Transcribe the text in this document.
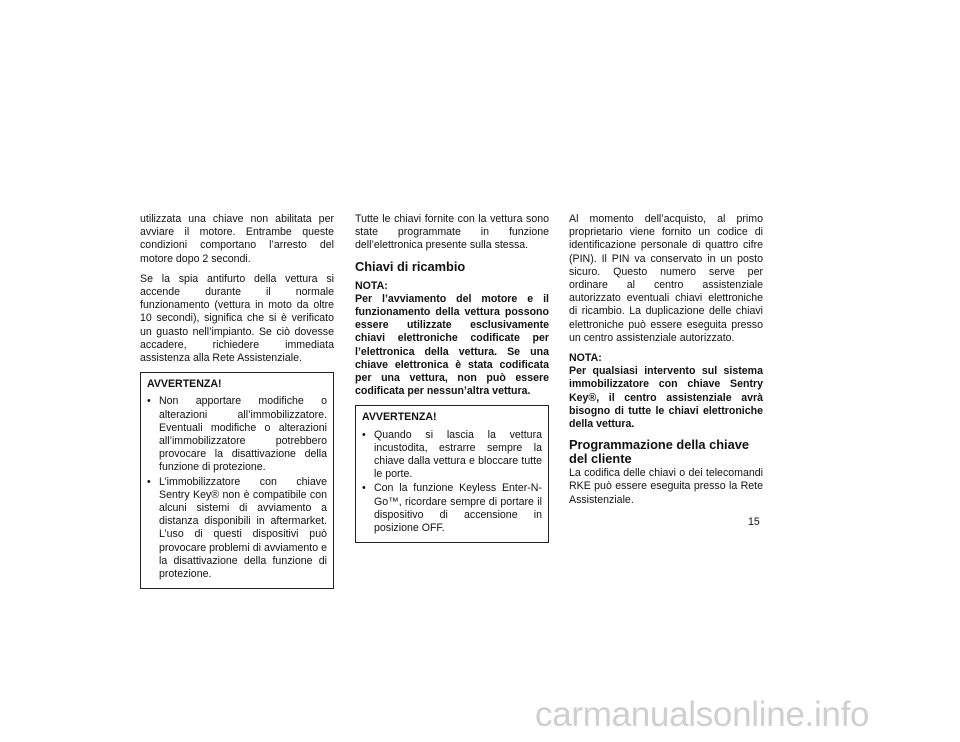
utilizzata una chiave non abilitata per avviare il motore. Entrambe queste condizioni comportano l’arresto del motore dopo 2 secondi.

Se la spia antifurto della vettura si accende durante il normale funzionamento (vettura in moto da oltre 10 secondi), significa che si è verificato un guasto nell’impianto. Se ciò dovesse accadere, richiedere immediata assistenza alla Rete Assistenziale.

AVVERTENZA!

• Non apportare modifiche o alterazioni all’immobilizzatore. Eventuali modifiche o alterazioni all’immobilizzatore potrebbero provocare la disattivazione della funzione di protezione.
• L’immobilizzatore con chiave Sentry Key® non è compatibile con alcuni sistemi di avviamento a distanza disponibili in aftermarket. L’uso di questi dispositivi può provocare problemi di avviamento e la disattivazione della funzione di protezione.

Tutte le chiavi fornite con la vettura sono state programmate in funzione dell’elettronica presente sulla stessa.

Chiavi di ricambio

NOTA:

Per l’avviamento del motore e il funzionamento della vettura possono essere utilizzate esclusivamente chiavi elettroniche codificate per l’elettronica della vettura. Se una chiave elettronica è stata codificata per una vettura, non può essere codificata per nessun’altra vettura.

AVVERTENZA!

• Quando si lascia la vettura incustodita, estrarre sempre la chiave dalla vettura e bloccare tutte le porte.
• Con la funzione Keyless Enter-N-Go™, ricordare sempre di portare il dispositivo di accensione in posizione OFF.

Al momento dell’acquisto, al primo proprietario viene fornito un codice di identificazione personale di quattro cifre (PIN). Il PIN va conservato in un posto sicuro. Questo numero serve per ordinare al centro assistenziale autorizzato eventuali chiavi elettroniche di ricambio. La duplicazione delle chiavi elettroniche può essere eseguita presso un centro assistenziale autorizzato.

NOTA:

Per qualsiasi intervento sul sistema immobilizzatore con chiave Sentry Key®, il centro assistenziale avrà bisogno di tutte le chiavi elettroniche della vettura.

Programmazione della chiave del cliente

La codifica delle chiavi o dei telecomandi RKE può essere eseguita presso la Rete Assistenziale.

15
carmanualsonline.info
